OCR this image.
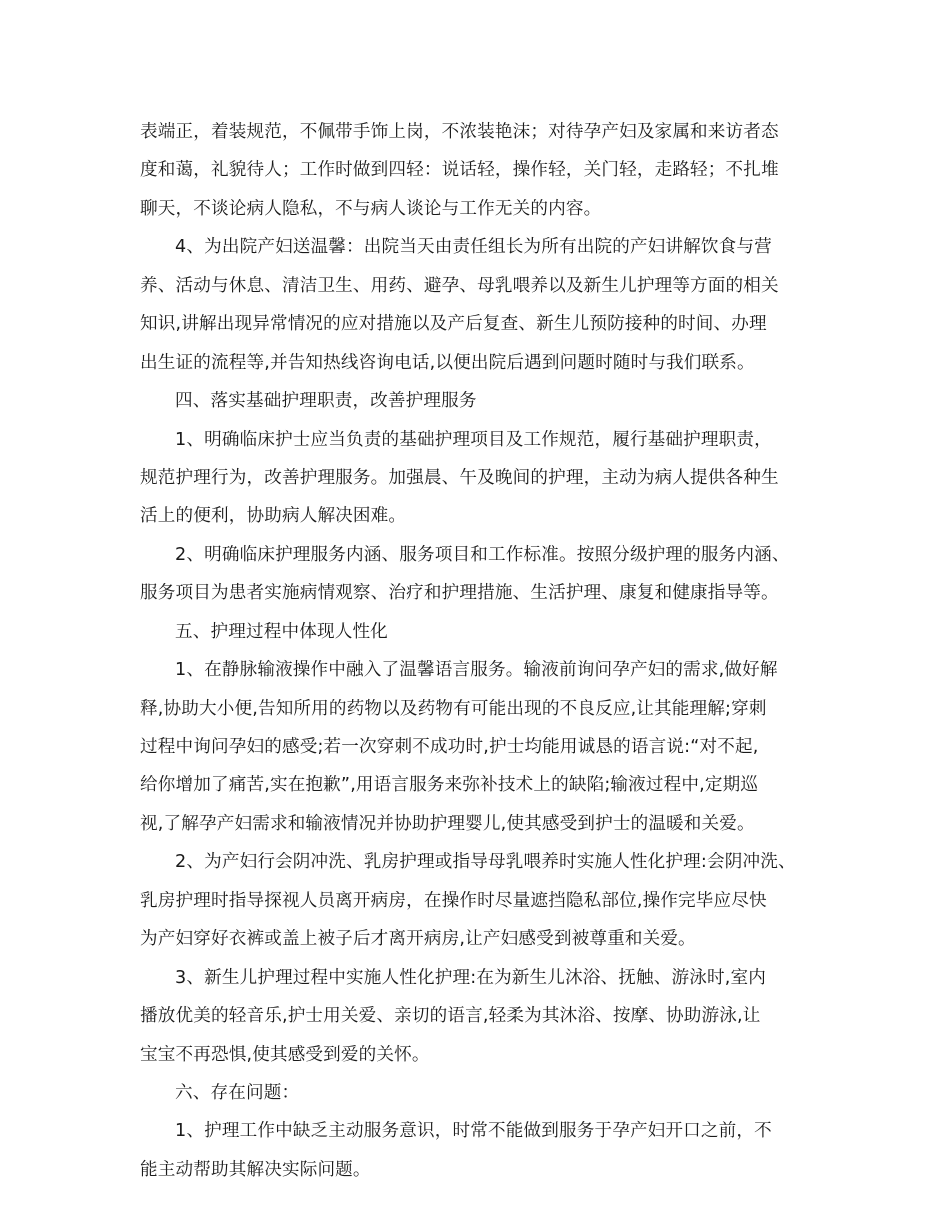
表端正，着装规范，不佩带手饰上岗，不浓装艳沫；对待孕产妇及家属和来访者态
度和蔼，礼貌待人；工作时做到四轻：说话轻，操作轻，关门轻，走路轻；不扎堆
聊天，不谈论病人隐私，不与病人谈论与工作无关的内容。
4、为出院产妇送温馨：出院当天由责任组长为所有出院的产妇讲解饮食与营
养、活动与休息、清洁卫生、用药、避孕、母乳喂养以及新生儿护理等方面的相关
知识,讲解出现异常情况的应对措施以及产后复查、新生儿预防接种的时间、办理
出生证的流程等,并告知热线咨询电话,以便出院后遇到问题时随时与我们联系。
四、落实基础护理职责，改善护理服务
1、明确临床护士应当负责的基础护理项目及工作规范，履行基础护理职责，
规范护理行为，改善护理服务。加强晨、午及晚间的护理，主动为病人提供各种生
活上的便利，协助病人解决困难。
2、明确临床护理服务内涵、服务项目和工作标准。按照分级护理的服务内涵、
服务项目为患者实施病情观察、治疗和护理措施、生活护理、康复和健康指导等。
五、护理过程中体现人性化
1、在静脉输液操作中融入了温馨语言服务。输液前询问孕产妇的需求,做好解
释,协助大小便,告知所用的药物以及药物有可能出现的不良反应,让其能理解;穿刺
过程中询问孕妇的感受;若一次穿刺不成功时,护士均能用诚恳的语言说:“对不起,
给你增加了痛苦,实在抱歉”,用语言服务来弥补技术上的缺陷;输液过程中,定期巡
视,了解孕产妇需求和输液情况并协助护理婴儿,使其感受到护士的温暖和关爱。
2、为产妇行会阴冲洗、乳房护理或指导母乳喂养时实施人性化护理:会阴冲洗、
乳房护理时指导探视人员离开病房，在操作时尽量遮挡隐私部位,操作完毕应尽快
为产妇穿好衣裤或盖上被子后才离开病房,让产妇感受到被尊重和关爱。
3、新生儿护理过程中实施人性化护理:在为新生儿沐浴、抚触、游泳时,室内
播放优美的轻音乐,护士用关爱、亲切的语言,轻柔为其沐浴、按摩、协助游泳,让
宝宝不再恐惧,使其感受到爱的关怀。
六、存在问题：
1、护理工作中缺乏主动服务意识，时常不能做到服务于孕产妇开口之前，不
能主动帮助其解决实际问题。
